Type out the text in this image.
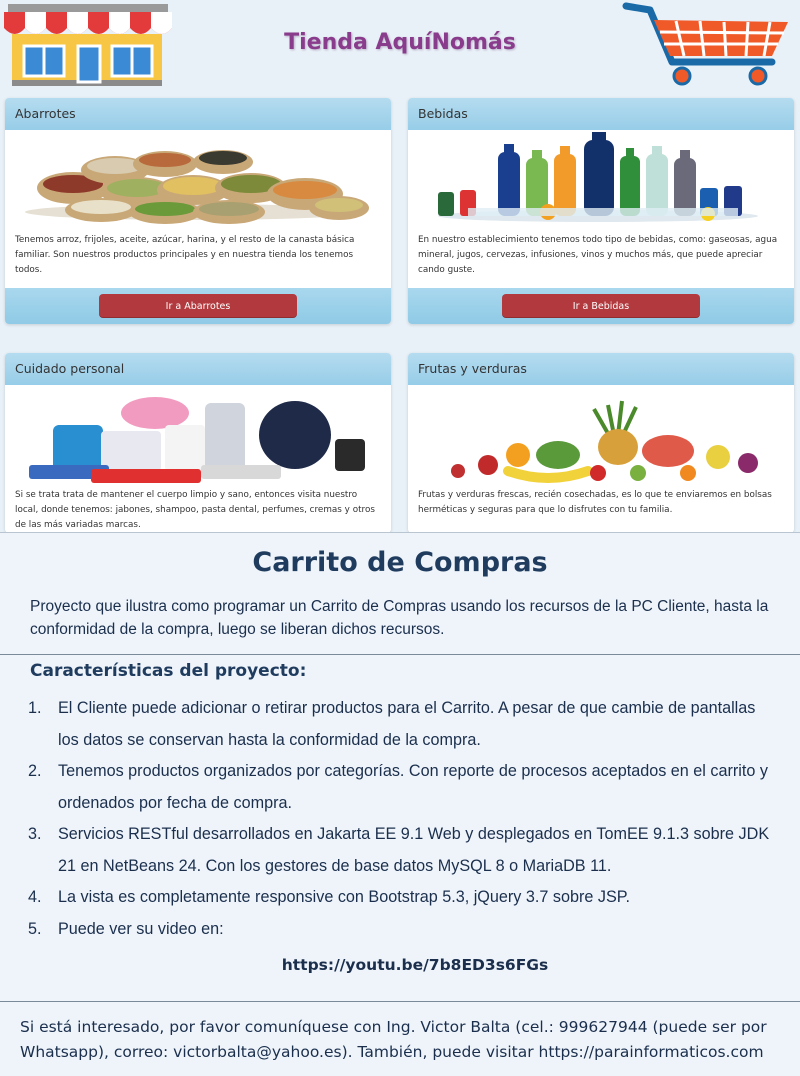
Tienda AquíNomás
Abarrotes
Tenemos arroz, frijoles, aceite, azúcar, harina, y el resto de la canasta básica familiar. Son nuestros productos principales y en nuestra tienda los tenemos todos.
Ir a Abarrotes
Bebidas
En nuestro establecimiento tenemos todo tipo de bebidas, como: gaseosas, agua mineral, jugos, cervezas, infusiones, vinos y muchos más, que puede apreciar cando guste.
Ir a Bebidas
Cuidado personal
Si se trata trata de mantener el cuerpo limpio y sano, entonces visita nuestro local, donde tenemos: jabones, shampoo, pasta dental, perfumes, cremas y otros de las más variadas marcas.
Frutas y verduras
Frutas y verduras frescas, recién cosechadas, es lo que te enviaremos en bolsas herméticas y seguras para que lo disfrutes con tu familia.
Carrito de Compras
Proyecto que ilustra como programar un Carrito de Compras usando los recursos de la PC Cliente, hasta la conformidad de la compra, luego se liberan dichos recursos.
Características del proyecto:
1.	El Cliente puede adicionar o retirar productos para el Carrito. A pesar de que cambie de pantallas los datos se conservan hasta la conformidad de la compra.
2.	Tenemos productos organizados por categorías. Con reporte de procesos aceptados en el carrito y ordenados por fecha de compra.
3.	Servicios RESTful desarrollados en Jakarta EE 9.1 Web y desplegados en TomEE 9.1.3 sobre JDK 21 en NetBeans 24. Con los gestores de base datos MySQL 8 o MariaDB 11.
4.	La vista es completamente responsive con Bootstrap 5.3, jQuery 3.7 sobre JSP.
5.	Puede ver su video en:
https://youtu.be/7b8ED3s6FGs
Si está interesado, por favor comuníquese con Ing. Victor Balta (cel.: 999627944 (puede ser por Whatsapp), correo: victorbalta@yahoo.es). También, puede visitar https://parainformaticos.com
